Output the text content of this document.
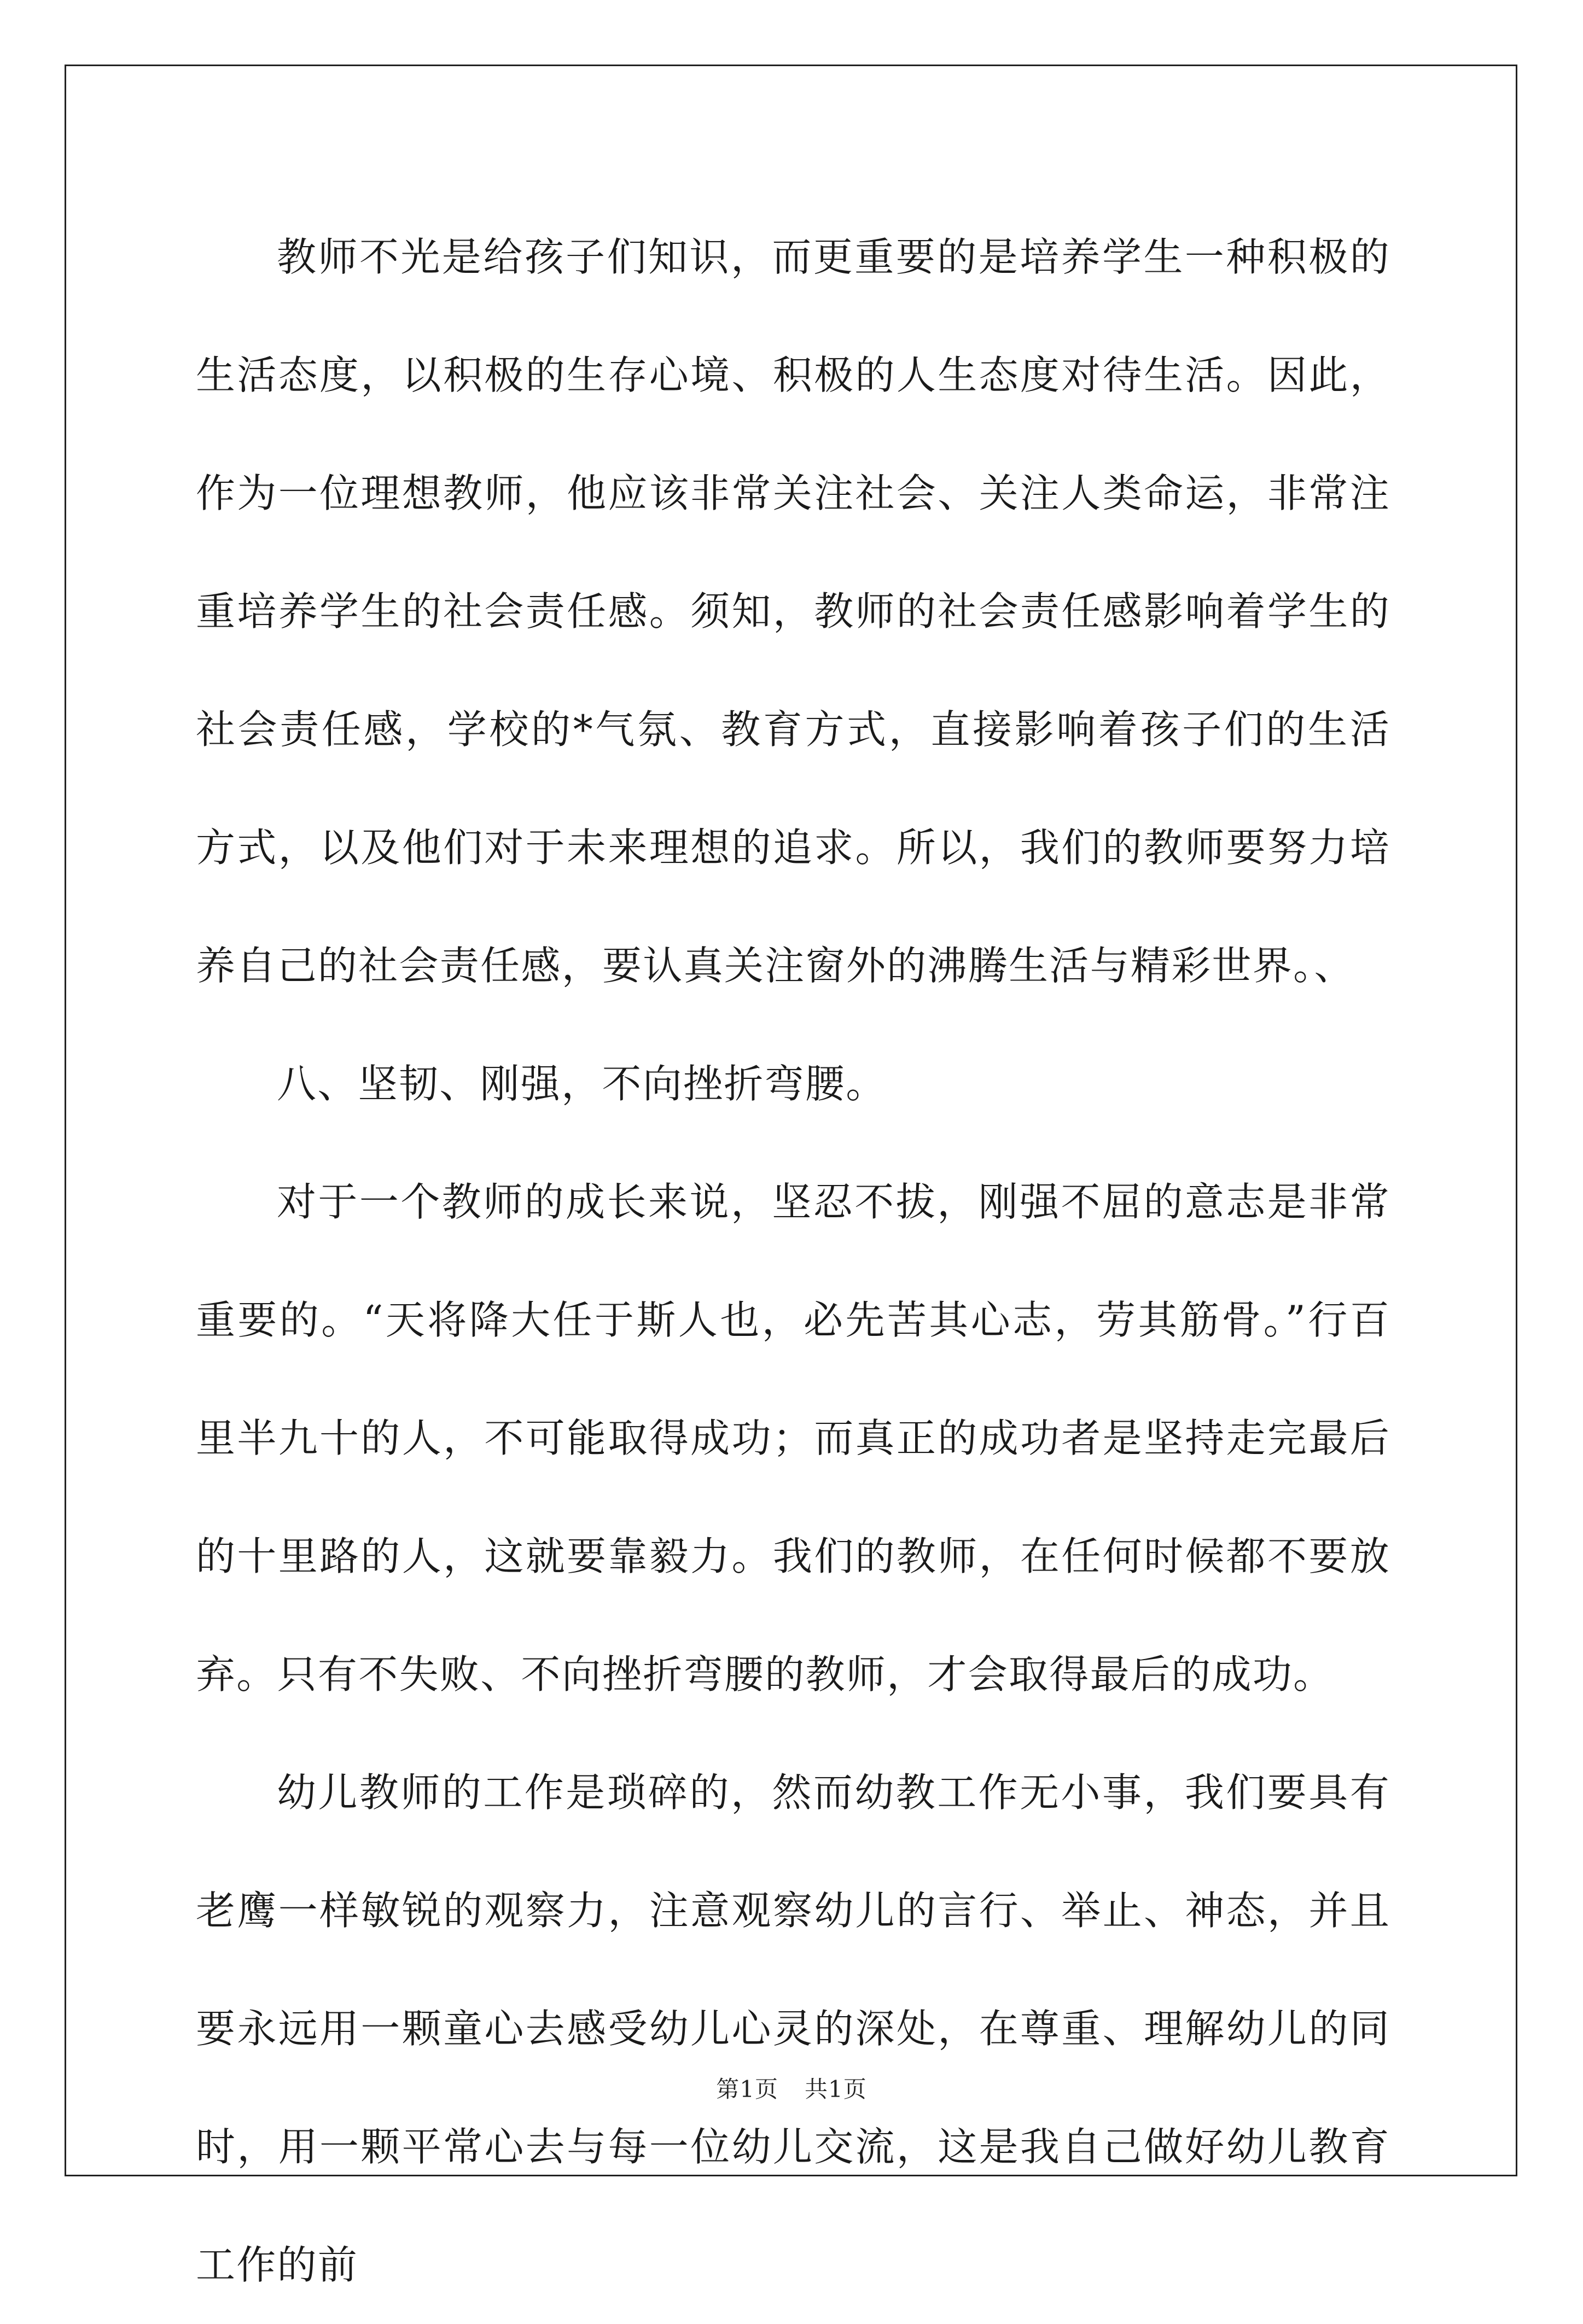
教师不光是给孩子们知识，而更重要的是培养学生一种积极的生活态度，以积极的生存心境、积极的人生态度对待生活。因此，作为一位理想教师，他应该非常关注社会、关注人类命运，非常注重培养学生的社会责任感。须知，教师的社会责任感影响着学生的社会责任感，学校的*气氛、教育方式，直接影响着孩子们的生活方式，以及他们对于未来理想的追求。所以，我们的教师要努力培养自己的社会责任感，要认真关注窗外的沸腾生活与精彩世界。、

八、坚韧、刚强，不向挫折弯腰。

对于一个教师的成长来说，坚忍不拔，刚强不屈的意志是非常重要的。“天将降大任于斯人也，必先苦其心志，劳其筋骨。”行百里半九十的人，不可能取得成功；而真正的成功者是坚持走完最后的十里路的人，这就要靠毅力。我们的教师，在任何时候都不要放弃。只有不失败、不向挫折弯腰的教师，才会取得最后的成功。

幼儿教师的工作是琐碎的，然而幼教工作无小事，我们要具有老鹰一样敏锐的观察力，注意观察幼儿的言行、举止、神态，并且要永远用一颗童心去感受幼儿心灵的深处，在尊重、理解幼儿的同时，用一颗平常心去与每一位幼儿交流，这是我自己做好幼儿教育工作的前

第1页 共1页
